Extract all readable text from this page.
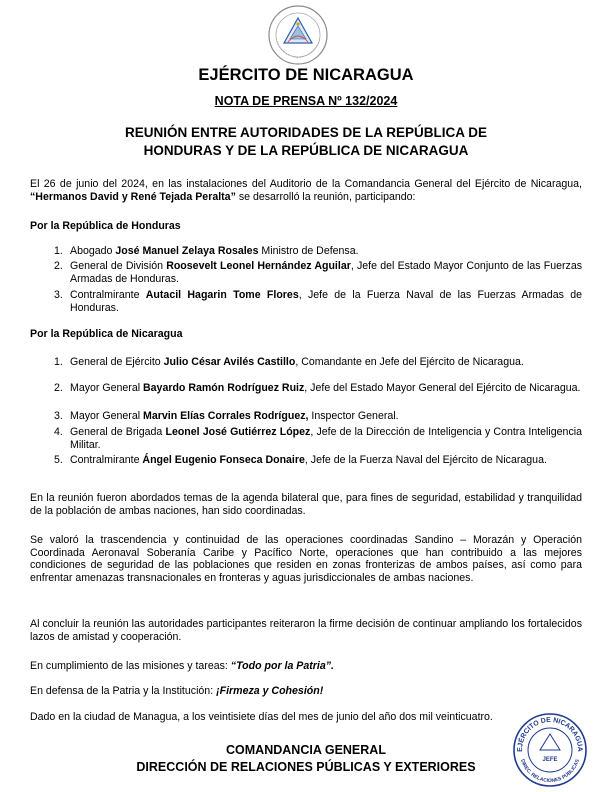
EJÉRCITO DE NICARAGUA
NOTA DE PRENSA Nº 132/2024
REUNIÓN ENTRE AUTORIDADES DE LA REPÚBLICA DE
HONDURAS Y DE LA REPÚBLICA DE NICARAGUA
El 26 de junio del 2024, en las instalaciones del Auditorio de la Comandancia General del Ejército de Nicaragua, “Hermanos David y René Tejada Peralta” se desarrolló la reunión, participando:
Por la República de Honduras
1. Abogado José Manuel Zelaya Rosales Ministro de Defensa.
2. General de División Roosevelt Leonel Hernández Aguilar, Jefe del Estado Mayor Conjunto de las Fuerzas Armadas de Honduras.
3. Contralmirante Autacil Hagarin Tome Flores, Jefe de la Fuerza Naval de las Fuerzas Armadas de Honduras.
Por la República de Nicaragua
1. General de Ejército Julio César Avilés Castillo, Comandante en Jefe del Ejército de Nicaragua.
2. Mayor General Bayardo Ramón Rodríguez Ruiz, Jefe del Estado Mayor General del Ejército de Nicaragua.
3. Mayor General Marvin Elías Corrales Rodríguez, Inspector General.
4. General de Brigada Leonel José Gutiérrez López, Jefe de la Dirección de Inteligencia y Contra Inteligencia Militar.
5. Contralmirante Ángel Eugenio Fonseca Donaire, Jefe de la Fuerza Naval del Ejército de Nicaragua.
En la reunión fueron abordados temas de la agenda bilateral que, para fines de seguridad, estabilidad y tranquilidad de la población de ambas naciones, han sido coordinadas.
Se valoró la trascendencia y continuidad de las operaciones coordinadas Sandino – Morazán y Operación Coordinada Aeronaval Soberanía Caribe y Pacífico Norte, operaciones que han contribuido a las mejores condiciones de seguridad de las poblaciones que residen en zonas fronterizas de ambos países, así como para enfrentar amenazas transnacionales en fronteras y aguas jurisdiccionales de ambas naciones.
Al concluir la reunión las autoridades participantes reiteraron la firme decisión de continuar ampliando los fortalecidos lazos de amistad y cooperación.
En cumplimiento de las misiones y tareas: “Todo por la Patria”.
En defensa de la Patria y la Institución: ¡Firmeza y Cohesión!
Dado en la ciudad de Managua, a los veintisiete días del mes de junio del año dos mil veinticuatro.
COMANDANCIA GENERAL
DIRECCIÓN DE RELACIONES PÚBLICAS Y EXTERIORES
EJÉRCITO DE NICARAGUA
DIREC. RELACIONES PÚBLICAS
JEFE
